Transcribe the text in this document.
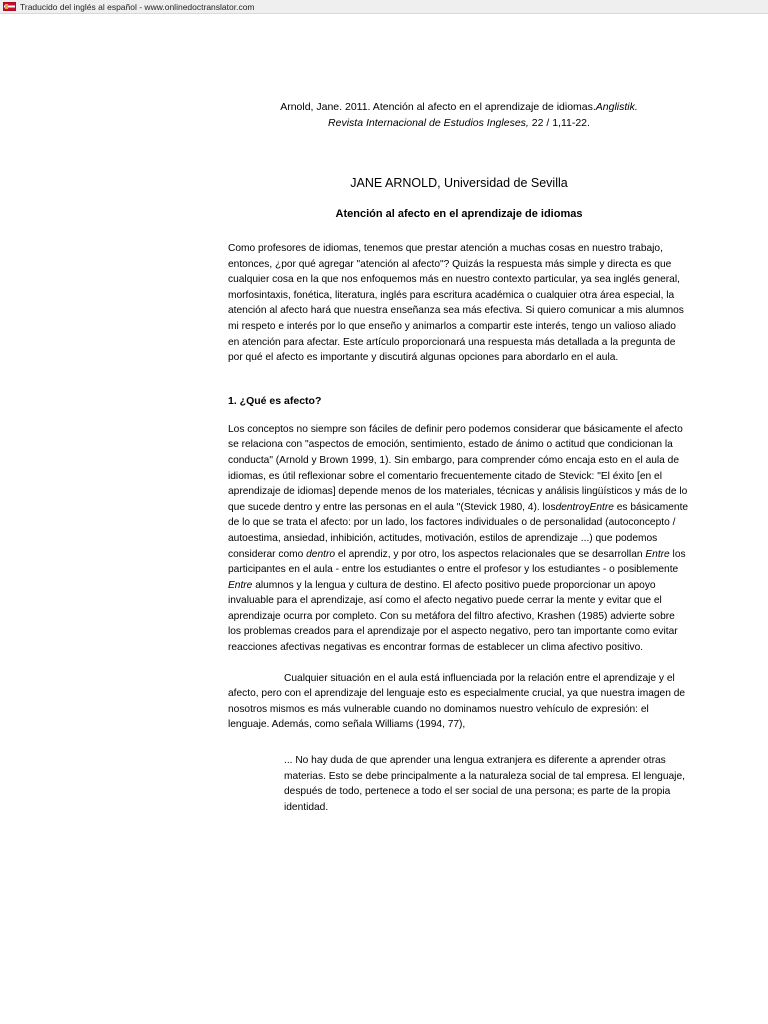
Traducido del inglés al español - www.onlinedoctranslator.com
Arnold, Jane. 2011. Atención al afecto en el aprendizaje de idiomas.Anglistik.
Revista Internacional de Estudios Ingleses, 22 / 1,11-22.
JANE ARNOLD, Universidad de Sevilla
Atención al afecto en el aprendizaje de idiomas

Como profesores de idiomas, tenemos que prestar atención a muchas cosas en nuestro trabajo, entonces, ¿por qué agregar "atención al afecto"? Quizás la respuesta más simple y directa es que cualquier cosa en la que nos enfoquemos más en nuestro contexto particular, ya sea inglés general, morfosintaxis, fonética, literatura, inglés para escritura académica o cualquier otra área especial, la atención al afecto hará que nuestra enseñanza sea más efectiva. Si quiero comunicar a mis alumnos mi respeto e interés por lo que enseño y animarlos a compartir este interés, tengo un valioso aliado en atención para afectar. Este artículo proporcionará una respuesta más detallada a la pregunta de por qué el afecto es importante y discutirá algunas opciones para abordarlo en el aula.

1. ¿Qué es afecto?

Los conceptos no siempre son fáciles de definir pero podemos considerar que básicamente el afecto se relaciona con "aspectos de emoción, sentimiento, estado de ánimo o actitud que condicionan la conducta" (Arnold y Brown 1999, 1). Sin embargo, para comprender cómo encaja esto en el aula de idiomas, es útil reflexionar sobre el comentario frecuentemente citado de Stevick: "El éxito [en el aprendizaje de idiomas] depende menos de los materiales, técnicas y análisis lingüísticos y más de lo que sucede dentro y entre las personas en el aula "(Stevick 1980, 4). losdentroyEntre es básicamente de lo que se trata el afecto: por un lado, los factores individuales o de personalidad (autoconcepto / autoestima, ansiedad, inhibición, actitudes, motivación, estilos de aprendizaje ...) que podemos considerar como dentro el aprendiz, y por otro, los aspectos relacionales que se desarrollan Entre los participantes en el aula - entre los estudiantes o entre el profesor y los estudiantes - o posiblemente Entre alumnos y la lengua y cultura de destino. El afecto positivo puede proporcionar un apoyo invaluable para el aprendizaje, así como el afecto negativo puede cerrar la mente y evitar que el aprendizaje ocurra por completo. Con su metáfora del filtro afectivo, Krashen (1985) advierte sobre los problemas creados para el aprendizaje por el aspecto negativo, pero tan importante como evitar reacciones afectivas negativas es encontrar formas de establecer un clima afectivo positivo.

Cualquier situación en el aula está influenciada por la relación entre el aprendizaje y el afecto, pero con el aprendizaje del lenguaje esto es especialmente crucial, ya que nuestra imagen de nosotros mismos es más vulnerable cuando no dominamos nuestro vehículo de expresión: el lenguaje. Además, como señala Williams (1994, 77),

... No hay duda de que aprender una lengua extranjera es diferente a aprender otras materias. Esto se debe principalmente a la naturaleza social de tal empresa. El lenguaje, después de todo, pertenece a todo el ser social de una persona; es parte de la propia identidad.
